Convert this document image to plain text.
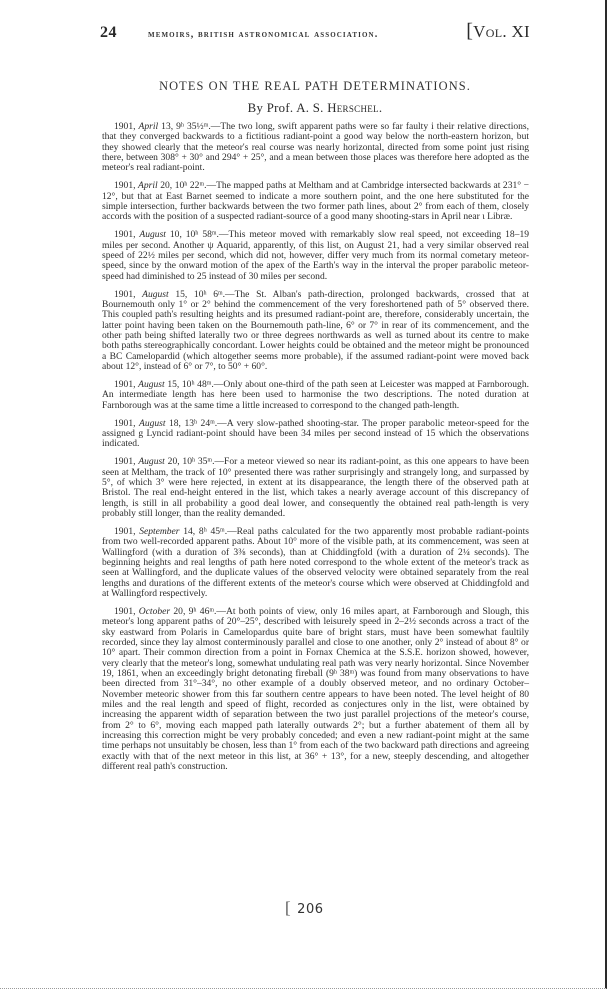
24	memoirs, british astronomical association.	[Vol. XI
NOTES ON THE REAL PATH DETERMINATIONS.
By Prof. A. S. Herschel.

1901, April 13, 9ʰ 35½ᵐ.—The two long, swift apparent paths were so far faulty i their relative directions, that they converged backwards to a fictitious radiant-point a good way below the north-eastern horizon, but they showed clearly that the meteor's real course was nearly horizontal, directed from some point just rising there, between 308° + 30° and 294° + 25°, and a mean between those places was therefore here adopted as the meteor's real radiant-point.

1901, April 20, 10ʰ 22ᵐ.—The mapped paths at Meltham and at Cambridge intersected backwards at 231° − 12°, but that at East Barnet seemed to indicate a more southern point, and the one here substituted for the simple intersection, further backwards between the two former path lines, about 2° from each of them, closely accords with the position of a suspected radiant-source of a good many shooting-stars in April near ι Libræ.

1901, August 10, 10ʰ 58ᵐ.—This meteor moved with remarkably slow real speed, not exceeding 18–19 miles per second. Another ψ Aquarid, apparently, of this list, on August 21, had a very similar observed real speed of 22½ miles per second, which did not, however, differ very much from its normal cometary meteor-speed, since by the onward motion of the apex of the Earth's way in the interval the proper parabolic meteor-speed had diminished to 25 instead of 30 miles per second.

1901, August 15, 10ʰ 6ᵐ.—The St. Alban's path-direction, prolonged backwards, crossed that at Bournemouth only 1° or 2° behind the commencement of the very foreshortened path of 5° observed there. This coupled path's resulting heights and its presumed radiant-point are, therefore, considerably uncertain, the latter point having been taken on the Bournemouth path-line, 6° or 7° in rear of its commencement, and the other path being shifted laterally two or three degrees northwards as well as turned about its centre to make both paths stereographically concordant. Lower heights could be obtained and the meteor might be pronounced a BC Camelopardid (which altogether seems more probable), if the assumed radiant-point were moved back about 12°, instead of 6° or 7°, to 50° + 60°.

1901, August 15, 10ʰ 48ᵐ.—Only about one-third of the path seen at Leicester was mapped at Farnborough. An intermediate length has here been used to harmonise the two descriptions. The noted duration at Farnborough was at the same time a little increased to correspond to the changed path-length.

1901, August 18, 13ʰ 24ᵐ.—A very slow-pathed shooting-star. The proper parabolic meteor-speed for the assigned g Lyncid radiant-point should have been 34 miles per second instead of 15 which the observations indicated.

1901, August 20, 10ʰ 35ᵐ.—For a meteor viewed so near its radiant-point, as this one appears to have been seen at Meltham, the track of 10° presented there was rather surprisingly and strangely long, and surpassed by 5°, of which 3° were here rejected, in extent at its disappearance, the length there of the observed path at Bristol. The real end-height entered in the list, which takes a nearly average account of this discrepancy of length, is still in all probability a good deal lower, and consequently the obtained real path-length is very probably still longer, than the reality demanded.

1901, September 14, 8ʰ 45ᵐ.—Real paths calculated for the two apparently most probable radiant-points from two well-recorded apparent paths. About 10° more of the visible path, at its commencement, was seen at Wallingford (with a duration of 3⅜ seconds), than at Chiddingfold (with a duration of 2¼ seconds). The beginning heights and real lengths of path here noted correspond to the whole extent of the meteor's track as seen at Wallingford, and the duplicate values of the observed velocity were obtained separately from the real lengths and durations of the different extents of the meteor's course which were observed at Chiddingfold and at Wallingford respectively.

1901, October 20, 9ʰ 46ᵐ.—At both points of view, only 16 miles apart, at Farnborough and Slough, this meteor's long apparent paths of 20°–25°, described with leisurely speed in 2–2½ seconds across a tract of the sky eastward from Polaris in Camelopardus quite bare of bright stars, must have been somewhat faultily recorded, since they lay almost conterminously parallel and close to one another, only 2° instead of about 8° or 10° apart. Their common direction from a point in Fornax Chemica at the S.S.E. horizon showed, however, very clearly that the meteor's long, somewhat undulating real path was very nearly horizontal. Since November 19, 1861, when an exceedingly bright detonating fireball (9ʰ 38ᵐ) was found from many observations to have been directed from 31°–34°, no other example of a doubly observed meteor, and no ordinary October–November meteoric shower from this far southern centre appears to have been noted. The level height of 80 miles and the real length and speed of flight, recorded as conjectures only in the list, were obtained by increasing the apparent width of separation between the two just parallel projections of the meteor's course, from 2° to 6°, moving each mapped path laterally outwards 2°; but a further abatement of them all by increasing this correction might be very probably conceded; and even a new radiant-point might at the same time perhaps not unsuitably be chosen, less than 1° from each of the two backward path directions and agreeing exactly with that of the next meteor in this list, at 36° + 13°, for a new, steeply descending, and altogether different real path's construction.

[ 206
